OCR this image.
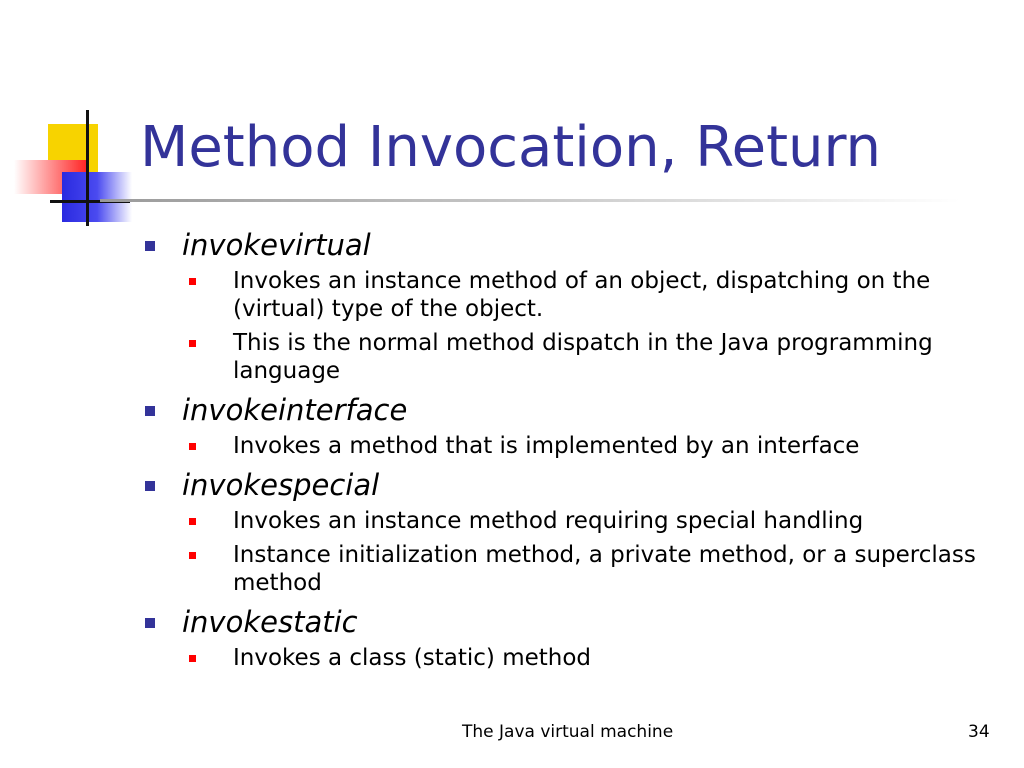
Method Invocation, Return
invokevirtual
Invokes an instance method of an object, dispatching on the (virtual) type of the object.
This is the normal method dispatch in the Java programming language
invokeinterface
Invokes a method that is implemented by an interface
invokespecial
Invokes an instance method requiring special handling
Instance initialization method, a private method, or a superclass method
invokestatic
Invokes a class (static) method
The Java virtual machine	34
